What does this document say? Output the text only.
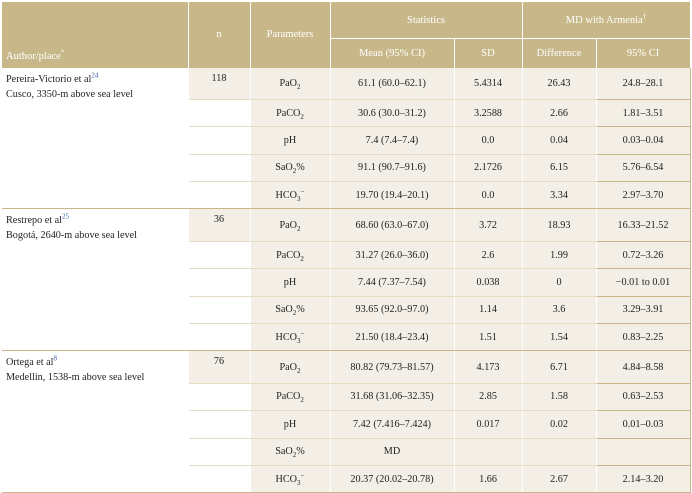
Author/place*	n	Parameters	Statistics		MD with Armenia†
			Mean (95% CI)	SD	Difference	95% CI
Pereira-Victorio et al$^{24}$
Cusco, 3350-m above sea level	118	PaO$_2$	61.1 (60.0–62.1)	5.4314	26.43	24.8–28.1
		PaCO$_2$	30.6 (30.0–31.2)	3.2588	2.66	1.81–3.51
		pH	7.4 (7.4–7.4)	0.0	0.04	0.03–0.04
		SaO$_2$%	91.1 (90.7–91.6)	2.1726	6.15	5.76–6.54
		$HCO_3^-$	19.70 (19.4–20.1)	0.0	3.34	2.97–3.70
Restrepo et al$^{25}$
Bogotá, 2640-m above sea level	36	PaO$_2$	68.60 (63.0–67.0)	3.72	18.93	16.33–21.52
		PaCO$_2$	31.27 (26.0–36.0)	2.6	1.99	0.72–3.26
		pH	7.44 (7.37–7.54)	0.038	0	−0.01 to 0.01
		SaO$_2$%	93.65 (92.0–97.0)	1.14	3.6	3.29–3.91
		$HCO_3^-$	21.50 (18.4–23.4)	1.51	1.54	0.83–2.25
Ortega et al$^8$
Medellin, 1538-m above sea level	76	PaO$_2$	80.82 (79.73–81.57)	4.173	6.71	4.84–8.58
		PaCO$_2$	31.68 (31.06–32.35)	2.85	1.58	0.63–2.53
		pH	7.42 (7.416–7.424)	0.017	0.02	0.01–0.03
		SaO$_2$%	MD			
		$HCO_3^-$	20.37 (20.02–20.78)	1.66	2.67	2.14–3.20
